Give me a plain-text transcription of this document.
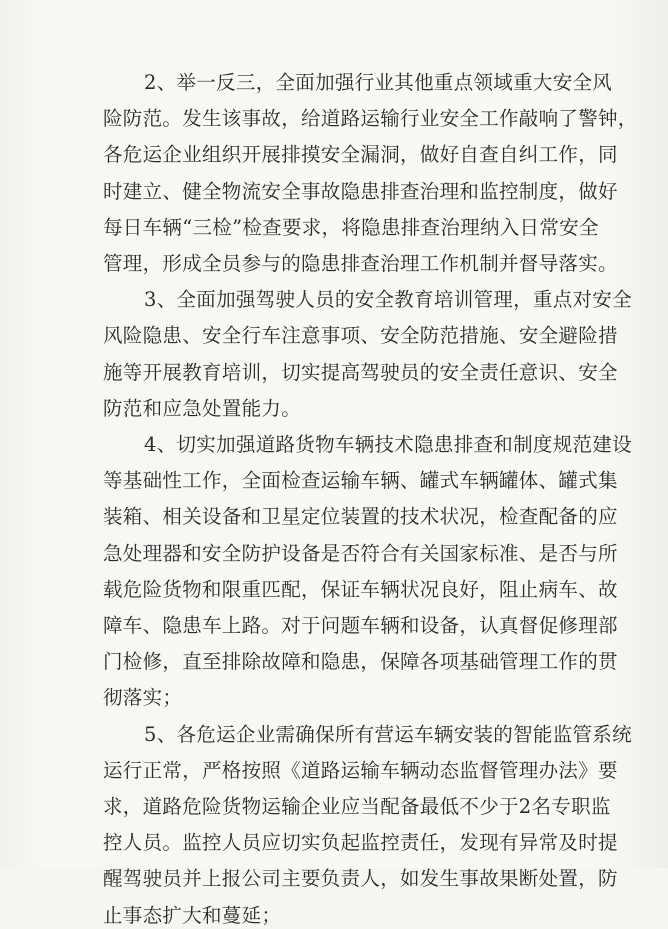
2、举一反三，全面加强行业其他重点领域重大安全风
险防范。发生该事故，给道路运输行业安全工作敲响了警钟，
各危运企业组织开展排摸安全漏洞，做好自查自纠工作，同
时建立、健全物流安全事故隐患排查治理和监控制度，做好
每日车辆“三检”检查要求，将隐患排查治理纳入日常安全
管理，形成全员参与的隐患排查治理工作机制并督导落实。
3、全面加强驾驶人员的安全教育培训管理，重点对安全
风险隐患、安全行车注意事项、安全防范措施、安全避险措
施等开展教育培训，切实提高驾驶员的安全责任意识、安全
防范和应急处置能力。
4、切实加强道路货物车辆技术隐患排查和制度规范建设
等基础性工作，全面检查运输车辆、罐式车辆罐体、罐式集
装箱、相关设备和卫星定位装置的技术状况，检查配备的应
急处理器和安全防护设备是否符合有关国家标准、是否与所
载危险货物和限重匹配，保证车辆状况良好，阻止病车、故
障车、隐患车上路。对于问题车辆和设备，认真督促修理部
门检修，直至排除故障和隐患，保障各项基础管理工作的贯
彻落实；
5、各危运企业需确保所有营运车辆安装的智能监管系统
运行正常，严格按照《道路运输车辆动态监督管理办法》要
求，道路危险货物运输企业应当配备最低不少于2名专职监
控人员。监控人员应切实负起监控责任，发现有异常及时提
醒驾驶员并上报公司主要负责人，如发生事故果断处置，防
止事态扩大和蔓延；
